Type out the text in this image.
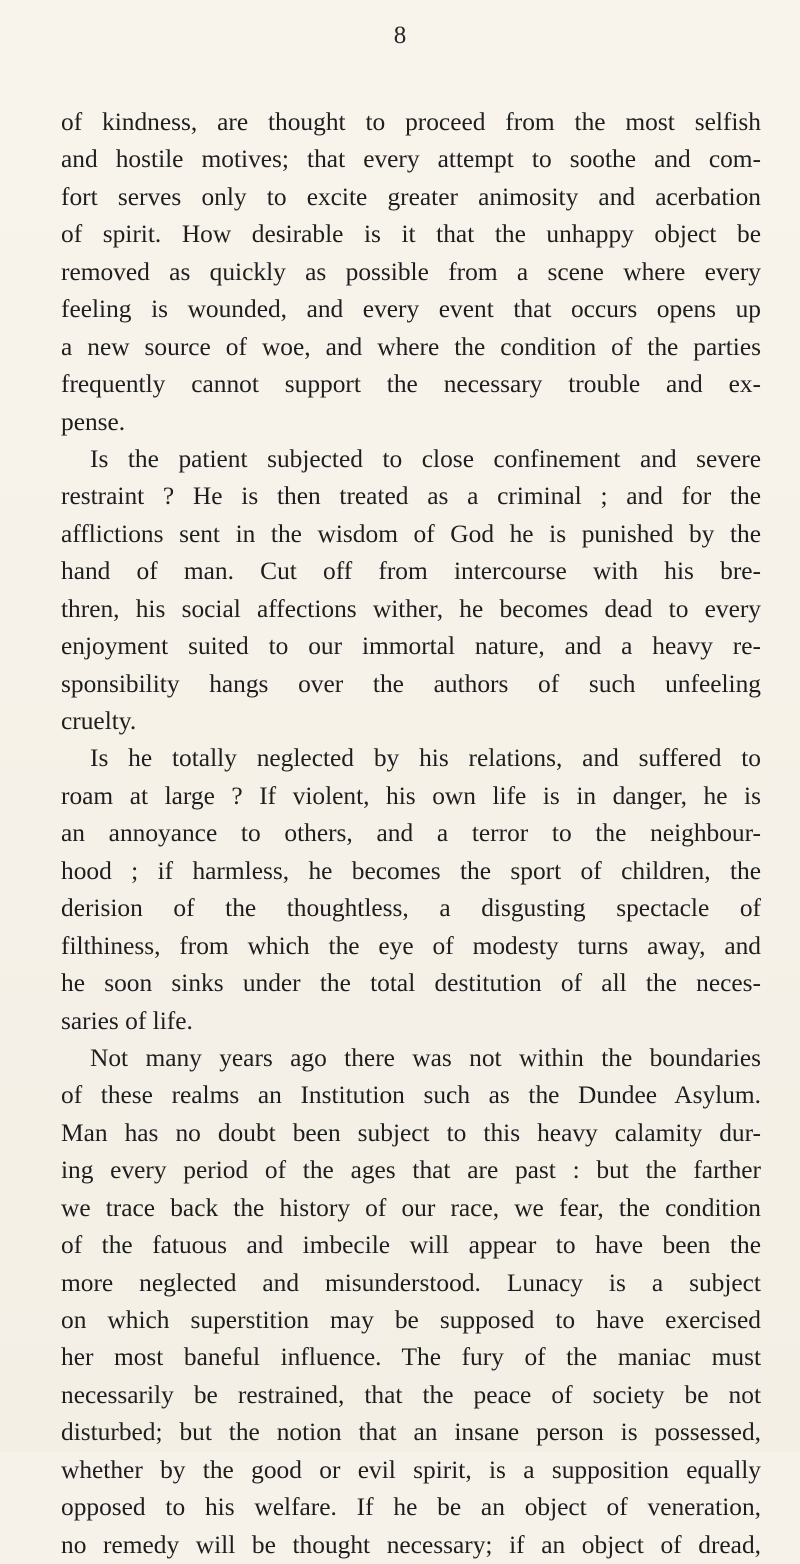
8
of kindness, are thought to proceed from the most selfish
and hostile motives; that every attempt to soothe and com-
fort serves only to excite greater animosity and acerbation
of spirit. How desirable is it that the unhappy object be
removed as quickly as possible from a scene where every
feeling is wounded, and every event that occurs opens up
a new source of woe, and where the condition of the parties
frequently cannot support the necessary trouble and ex-
pense.
Is the patient subjected to close confinement and severe
restraint ? He is then treated as a criminal ; and for the
afflictions sent in the wisdom of God he is punished by the
hand of man. Cut off from intercourse with his bre-
thren, his social affections wither, he becomes dead to every
enjoyment suited to our immortal nature, and a heavy re-
sponsibility hangs over the authors of such unfeeling
cruelty.
Is he totally neglected by his relations, and suffered to
roam at large ? If violent, his own life is in danger, he is
an annoyance to others, and a terror to the neighbour-
hood ; if harmless, he becomes the sport of children, the
derision of the thoughtless, a disgusting spectacle of
filthiness, from which the eye of modesty turns away, and
he soon sinks under the total destitution of all the neces-
saries of life.
Not many years ago there was not within the boundaries
of these realms an Institution such as the Dundee Asylum.
Man has no doubt been subject to this heavy calamity dur-
ing every period of the ages that are past : but the farther
we trace back the history of our race, we fear, the condition
of the fatuous and imbecile will appear to have been the
more neglected and misunderstood. Lunacy is a subject
on which superstition may be supposed to have exercised
her most baneful influence. The fury of the maniac must
necessarily be restrained, that the peace of society be not
disturbed; but the notion that an insane person is possessed,
whether by the good or evil spirit, is a supposition equally
opposed to his welfare. If he be an object of veneration,
no remedy will be thought necessary; if an object of dread,
